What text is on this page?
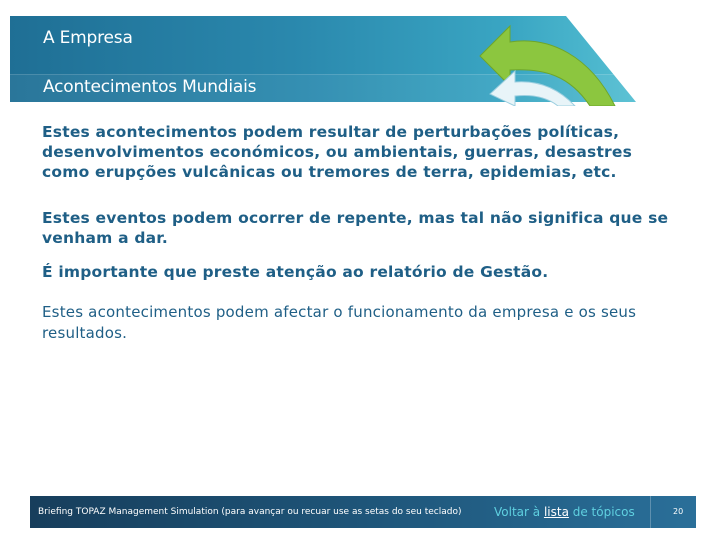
A Empresa
Acontecimentos Mundiais
Estes acontecimentos podem resultar de perturbações políticas,
desenvolvimentos económicos, ou ambientais, guerras, desastres
como erupções vulcânicas ou tremores de terra, epidemias, etc.
Estes eventos podem ocorrer de repente, mas tal não significa que se
venham a dar.
É importante que preste atenção ao relatório de Gestão.
Estes acontecimentos podem afectar o funcionamento da empresa e os seus
resultados.
Briefing TOPAZ Management Simulation (para avançar ou recuar use as setas do seu teclado)	Voltar à lista de tópicos	20
